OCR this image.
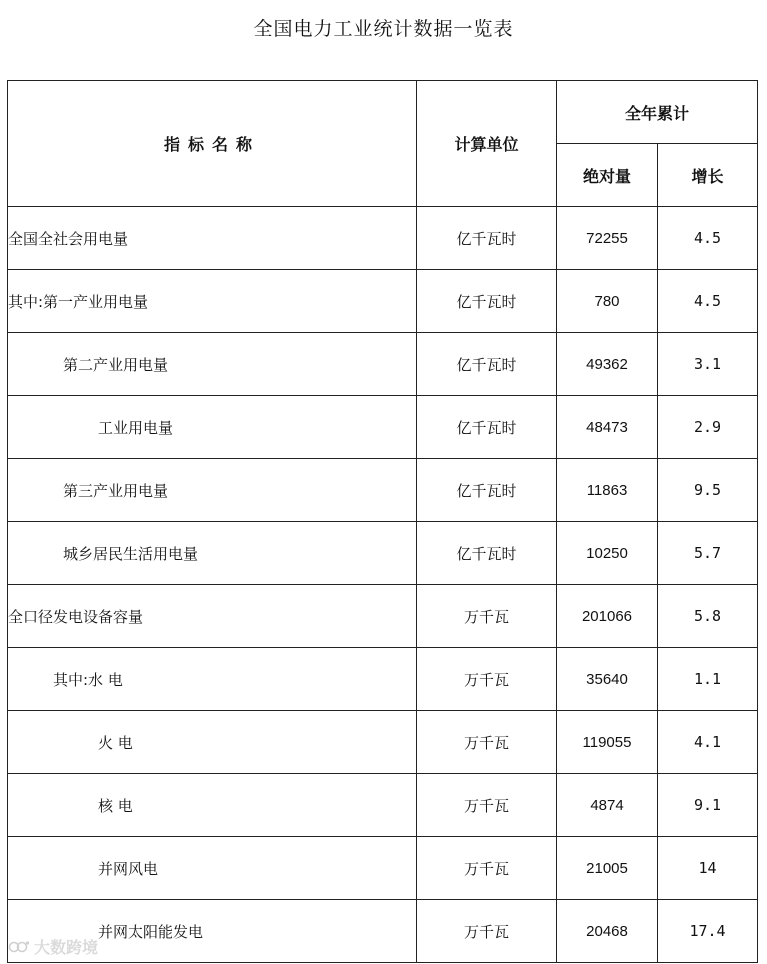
全国电力工业统计数据一览表
指标名称	计算单位	全年累计	
		绝对量	增长
全国全社会用电量	亿千瓦时	72255	4.5
其中:第一产业用电量	亿千瓦时	780	4.5
第二产业用电量	亿千瓦时	49362	3.1
工业用电量	亿千瓦时	48473	2.9
第三产业用电量	亿千瓦时	11863	9.5
城乡居民生活用电量	亿千瓦时	10250	5.7
全口径发电设备容量	万千瓦	201066	5.8
其中:水 电	万千瓦	35640	1.1
火 电	万千瓦	119055	4.1
核 电	万千瓦	4874	9.1
并网风电	万千瓦	21005	14
并网太阳能发电	万千瓦	20468	17.4
大数跨境
